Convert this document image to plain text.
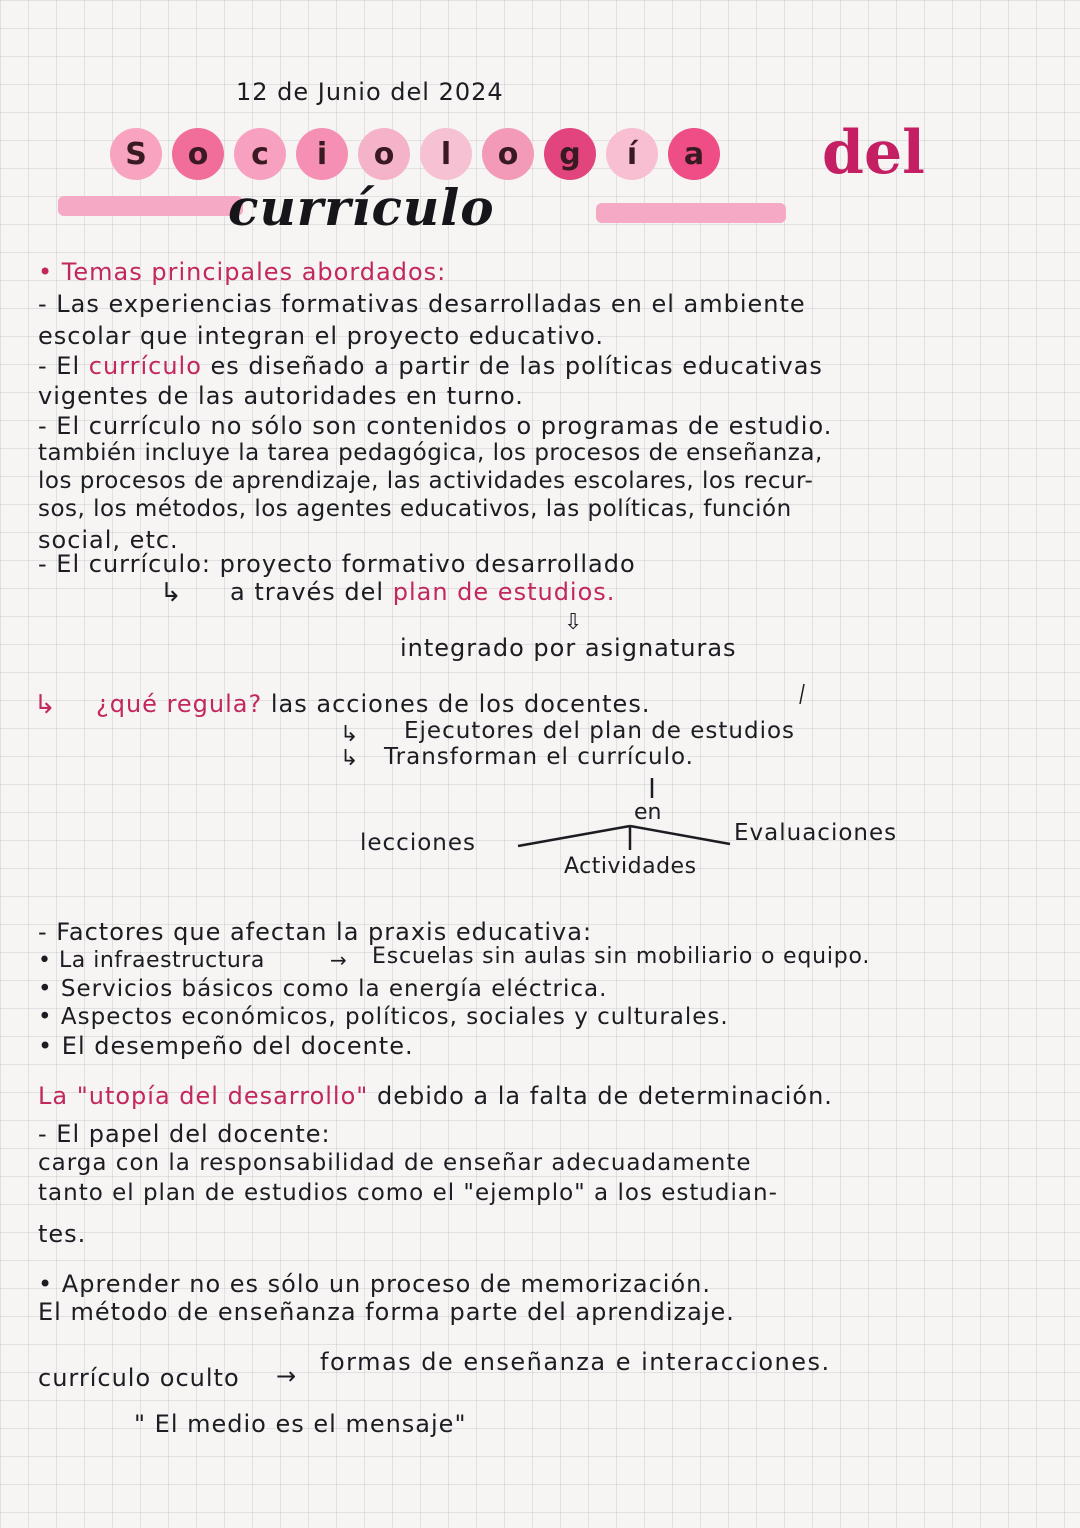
12 de Junio del 2024
S	o	c	i	o	l	o	g	í	a del
currículo
• Temas principales abordados:
- Las experiencias formativas desarrolladas en el ambiente
escolar que integran el proyecto educativo.
- El currículo es diseñado a partir de las políticas educativas
vigentes de las autoridades en turno.
- El currículo no sólo son contenidos o programas de estudio.
también incluye la tarea pedagógica, los procesos de enseñanza,
los procesos de aprendizaje, las actividades escolares, los recur-
sos, los métodos, los agentes educativos, las políticas, función
social, etc.
- El currículo: proyecto formativo desarrollado
↳ a través del plan de estudios.
⇩
integrado por asignaturas
↳ ¿qué regula? las acciones de los docentes.
↳ Ejecutores del plan de estudios
↳ Transforman el currículo.
en
lecciones
Actividades
Evaluaciones
- Factores que afectan la praxis educativa:
• La infraestructura	→ Escuelas sin aulas sin mobiliario o equipo.
• Servicios básicos como la energía eléctrica.
• Aspectos económicos, políticos, sociales y culturales.
• El desempeño del docente.
La "utopía del desarrollo" debido a la falta de determinación.
- El papel del docente:
carga con la responsabilidad de enseñar adecuadamente
tanto el plan de estudios como el "ejemplo" a los estudian-
tes.
• Aprender no es sólo un proceso de memorización.
El método de enseñanza forma parte del aprendizaje.
currículo oculto → formas de enseñanza e interacciones.
" El medio es el mensaje"
